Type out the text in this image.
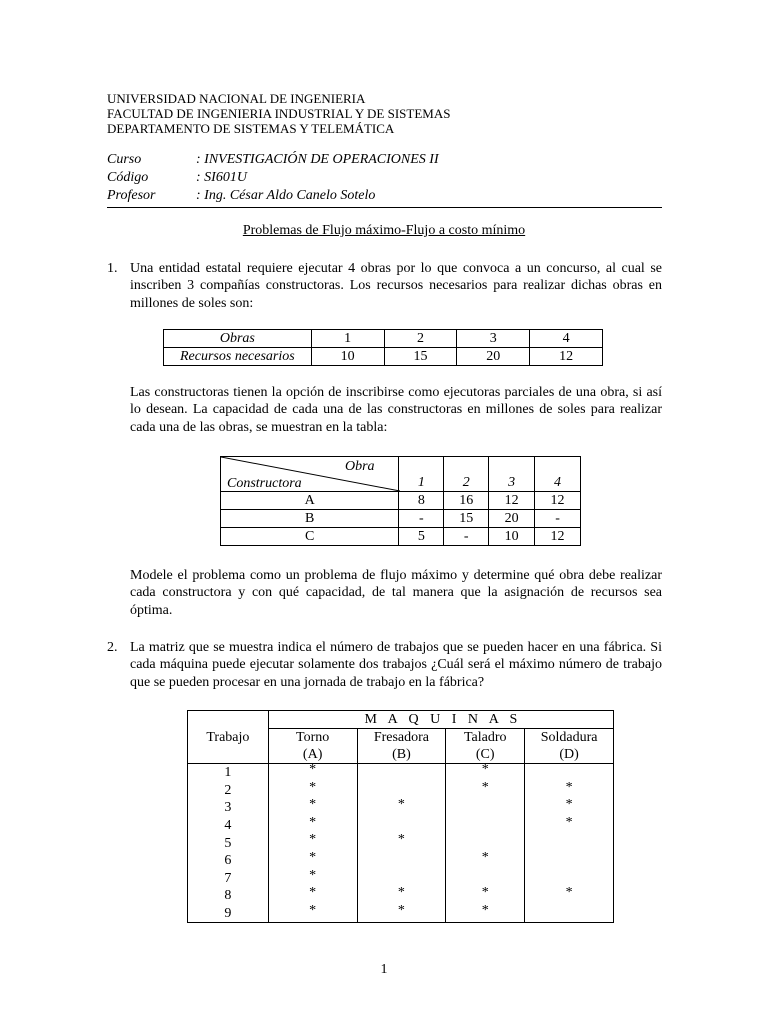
UNIVERSIDAD NACIONAL DE INGENIERIA
FACULTAD DE INGENIERIA INDUSTRIAL Y DE SISTEMAS
DEPARTAMENTO DE SISTEMAS Y TELEMÁTICA
Curso	: INVESTIGACIÓN DE OPERACIONES II
Código	: SI601U
Profesor	: Ing. César Aldo Canelo Sotelo
Problemas de Flujo máximo-Flujo a costo mínimo
1. Una entidad estatal requiere ejecutar 4 obras por lo que convoca a un concurso, al cual se inscriben 3 compañías constructoras. Los recursos necesarios para realizar dichas obras en millones de soles son:
Obras	1	2	3	4
Recursos necesarios	10	15	20	12
Las constructoras tienen la opción de inscribirse como ejecutoras parciales de una obra, si así lo desean. La capacidad de cada una de las constructoras en millones de soles para realizar cada una de las obras, se muestran en la tabla:
Obra
Constructora	1	2	3	4
A	8	16	12	12
B	-	15	20	-
C	5	-	10	12
Modele el problema como un problema de flujo máximo y determine qué obra debe realizar cada constructora y con qué capacidad, de tal manera que la asignación de recursos sea óptima.
2. La matriz que se muestra indica el número de trabajos que se pueden hacer en una fábrica. Si cada máquina puede ejecutar solamente dos trabajos ¿Cuál será el máximo número de trabajo que se pueden procesar en una jornada de trabajo en la fábrica?
Trabajo	M A Q U I N A S			
	Torno	Fresadora	Taladro	Soldadura
	(A)	(B)	(C)	(D)
1	*		*	
2	*		*	*
3	*	*		*
4	*			*
5	*	*		
6	*		*	
7	*			
8	*	*	*	*
9	*	*	*	
1
